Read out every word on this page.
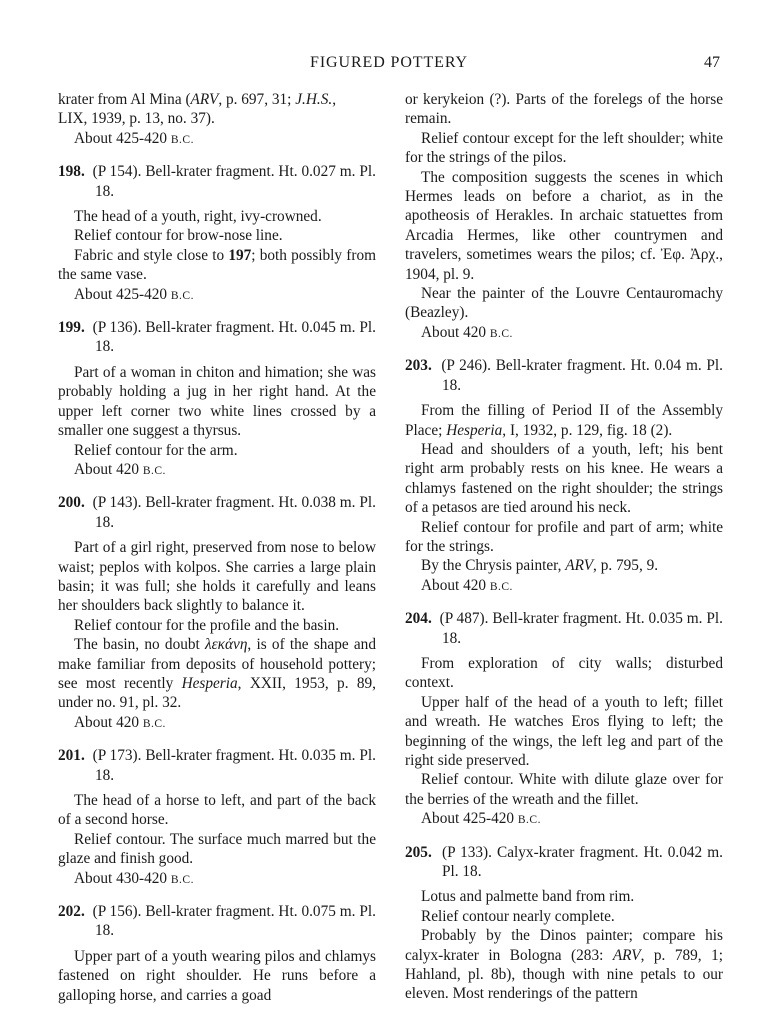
FIGURED POTTERY	47

krater from Al Mina (ARV, p. 697, 31; J.H.S.,
LIX, 1939, p. 13, no. 37).

About 425-420 B.C.

198. (P 154). Bell-krater fragment. Ht. 0.027 m. Pl. 18.

The head of a youth, right, ivy-crowned.

Relief contour for brow-nose line.

Fabric and style close to 197; both possibly from the same vase.

About 425-420 B.C.

199. (P 136). Bell-krater fragment. Ht. 0.045 m. Pl. 18.

Part of a woman in chiton and himation; she was probably holding a jug in her right hand. At the upper left corner two white lines crossed by a smaller one suggest a thyrsus.

Relief contour for the arm.

About 420 B.C.

200. (P 143). Bell-krater fragment. Ht. 0.038 m. Pl. 18.

Part of a girl right, preserved from nose to below waist; peplos with kolpos. She carries a large plain basin; it was full; she holds it carefully and leans her shoulders back slightly to balance it.

Relief contour for the profile and the basin.

The basin, no doubt λεκάνη, is of the shape and make familiar from deposits of household pottery; see most recently Hesperia, XXII, 1953, p. 89, under no. 91, pl. 32.

About 420 B.C.

201. (P 173). Bell-krater fragment. Ht. 0.035 m. Pl. 18.

The head of a horse to left, and part of the back of a second horse.

Relief contour. The surface much marred but the glaze and finish good.

About 430-420 B.C.

202. (P 156). Bell-krater fragment. Ht. 0.075 m. Pl. 18.

Upper part of a youth wearing pilos and chlamys fastened on right shoulder. He runs before a galloping horse, and carries a goad

or kerykeion (?). Parts of the forelegs of the horse remain.

Relief contour except for the left shoulder; white for the strings of the pilos.

The composition suggests the scenes in which Hermes leads on before a chariot, as in the apotheosis of Herakles. In archaic statuettes from Arcadia Hermes, like other countrymen and travelers, sometimes wears the pilos; cf. Ἐφ. Ἀρχ., 1904, pl. 9.

Near the painter of the Louvre Centauromachy (Beazley).

About 420 B.C.

203. (P 246). Bell-krater fragment. Ht. 0.04 m. Pl. 18.

From the filling of Period II of the Assembly Place; Hesperia, I, 1932, p. 129, fig. 18 (2).

Head and shoulders of a youth, left; his bent right arm probably rests on his knee. He wears a chlamys fastened on the right shoulder; the strings of a petasos are tied around his neck.

Relief contour for profile and part of arm; white for the strings.

By the Chrysis painter, ARV, p. 795, 9.

About 420 B.C.

204. (P 487). Bell-krater fragment. Ht. 0.035 m. Pl. 18.

From exploration of city walls; disturbed context.

Upper half of the head of a youth to left; fillet and wreath. He watches Eros flying to left; the beginning of the wings, the left leg and part of the right side preserved.

Relief contour. White with dilute glaze over for the berries of the wreath and the fillet.

About 425-420 B.C.

205. (P 133). Calyx-krater fragment. Ht. 0.042 m. Pl. 18.

Lotus and palmette band from rim.

Relief contour nearly complete.

Probably by the Dinos painter; compare his calyx-krater in Bologna (283: ARV, p. 789, 1; Hahland, pl. 8b), though with nine petals to our eleven. Most renderings of the pattern
